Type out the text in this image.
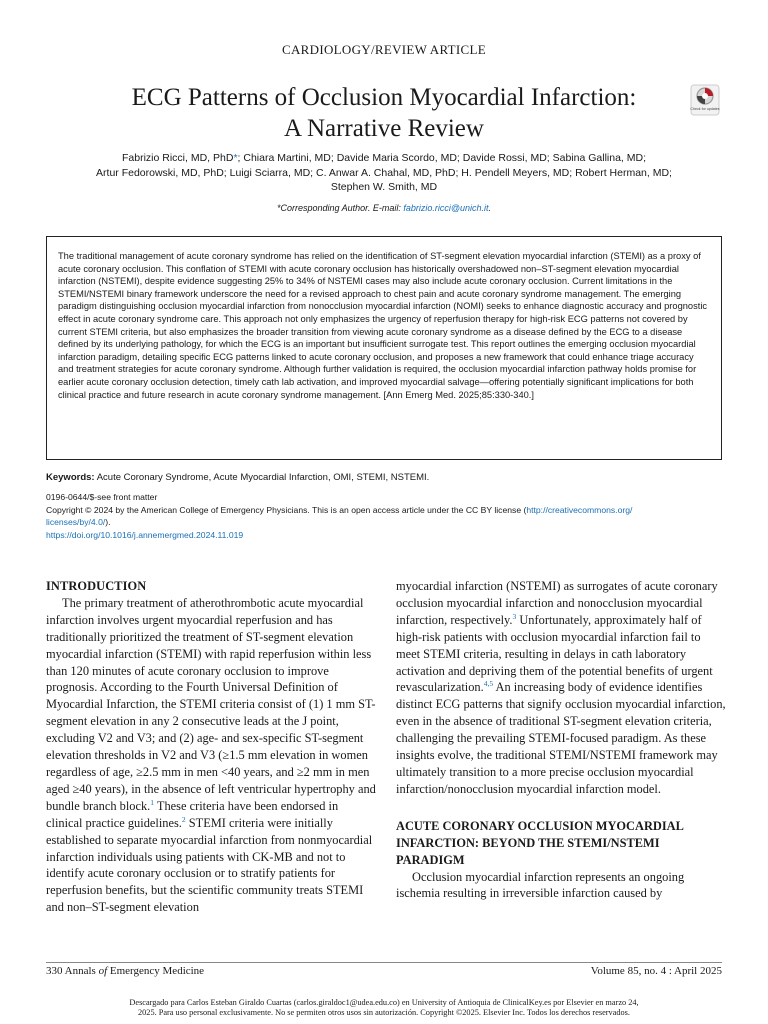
CARDIOLOGY/REVIEW ARTICLE
ECG Patterns of Occlusion Myocardial Infarction:
A Narrative Review
Check for updates
Fabrizio Ricci, MD, PhD*; Chiara Martini, MD; Davide Maria Scordo, MD; Davide Rossi, MD; Sabina Gallina, MD;
Artur Fedorowski, MD, PhD; Luigi Sciarra, MD; C. Anwar A. Chahal, MD, PhD; H. Pendell Meyers, MD; Robert Herman, MD;
Stephen W. Smith, MD
*Corresponding Author. E-mail: fabrizio.ricci@unich.it.

The traditional management of acute coronary syndrome has relied on the identification of ST-segment elevation myocardial infarction (STEMI) as a proxy of acute coronary occlusion. This conflation of STEMI with acute coronary occlusion has historically overshadowed non–ST-segment elevation myocardial infarction (NSTEMI), despite evidence suggesting 25% to 34% of NSTEMI cases may also include acute coronary occlusion. Current limitations in the STEMI/NSTEMI binary framework underscore the need for a revised approach to chest pain and acute coronary syndrome management. The emerging paradigm distinguishing occlusion myocardial infarction from nonocclusion myocardial infarction (NOMI) seeks to enhance diagnostic accuracy and prognostic effect in acute coronary syndrome care. This approach not only emphasizes the urgency of reperfusion therapy for high-risk ECG patterns not covered by current STEMI criteria, but also emphasizes the broader transition from viewing acute coronary syndrome as a disease defined by the ECG to a disease defined by its underlying pathology, for which the ECG is an important but insufficient surrogate test. This report outlines the emerging occlusion myocardial infarction paradigm, detailing specific ECG patterns linked to acute coronary occlusion, and proposes a new framework that could enhance triage accuracy and treatment strategies for acute coronary syndrome. Although further validation is required, the occlusion myocardial infarction pathway holds promise for earlier acute coronary occlusion detection, timely cath lab activation, and improved myocardial salvage—offering potentially significant implications for both clinical practice and future research in acute coronary syndrome management. [Ann Emerg Med. 2025;85:330-340.]

Keywords: Acute Coronary Syndrome, Acute Myocardial Infarction, OMI, STEMI, NSTEMI.
0196-0644/$-see front matter
Copyright © 2024 by the American College of Emergency Physicians. This is an open access article under the CC BY license (http://creativecommons.org/
licenses/by/4.0/).
https://doi.org/10.1016/j.annemergmed.2024.11.019
INTRODUCTION

The primary treatment of atherothrombotic acute myocardial infarction involves urgent myocardial reperfusion and has traditionally prioritized the treatment of ST-segment elevation myocardial infarction (STEMI) with rapid reperfusion within less than 120 minutes of acute coronary occlusion to improve prognosis. According to the Fourth Universal Definition of Myocardial Infarction, the STEMI criteria consist of (1) 1 mm ST-segment elevation in any 2 consecutive leads at the J point, excluding V2 and V3; and (2) age- and sex-specific ST-segment elevation thresholds in V2 and V3 (≥1.5 mm elevation in women regardless of age, ≥2.5 mm in men <40 years, and ≥2 mm in men aged ≥40 years), in the absence of left ventricular hypertrophy and bundle branch block.$^1$ These criteria have been endorsed in clinical practice guidelines.$^2$ STEMI criteria were initially established to separate myocardial infarction from nonmyocardial infarction individuals using patients with CK-MB and not to identify acute coronary occlusion or to stratify patients for reperfusion benefits, but the scientific community treats STEMI and non–ST-segment elevation

myocardial infarction (NSTEMI) as surrogates of acute coronary occlusion myocardial infarction and nonocclusion myocardial infarction, respectively.$^3$ Unfortunately, approximately half of high-risk patients with occlusion myocardial infarction fail to meet STEMI criteria, resulting in delays in cath laboratory activation and depriving them of the potential benefits of urgent revascularization.$^{4,5}$ An increasing body of evidence identifies distinct ECG patterns that signify occlusion myocardial infarction, even in the absence of traditional ST-segment elevation criteria, challenging the prevailing STEMI-focused paradigm. As these insights evolve, the traditional STEMI/NSTEMI framework may ultimately transition to a more precise occlusion myocardial infarction/nonocclusion myocardial infarction model.

ACUTE CORONARY OCCLUSION MYOCARDIAL INFARCTION: BEYOND THE STEMI/NSTEMI PARADIGM

Occlusion myocardial infarction represents an ongoing ischemia resulting in irreversible infarction caused by

330 Annals of Emergency Medicine	Volume 85, no. 4 : April 2025
Descargado para Carlos Esteban Giraldo Cuartas (carlos.giraldoc1@udea.edu.co) en University of Antioquia de ClinicalKey.es por Elsevier en marzo 24,
2025. Para uso personal exclusivamente. No se permiten otros usos sin autorización. Copyright ©2025. Elsevier Inc. Todos los derechos reservados.
